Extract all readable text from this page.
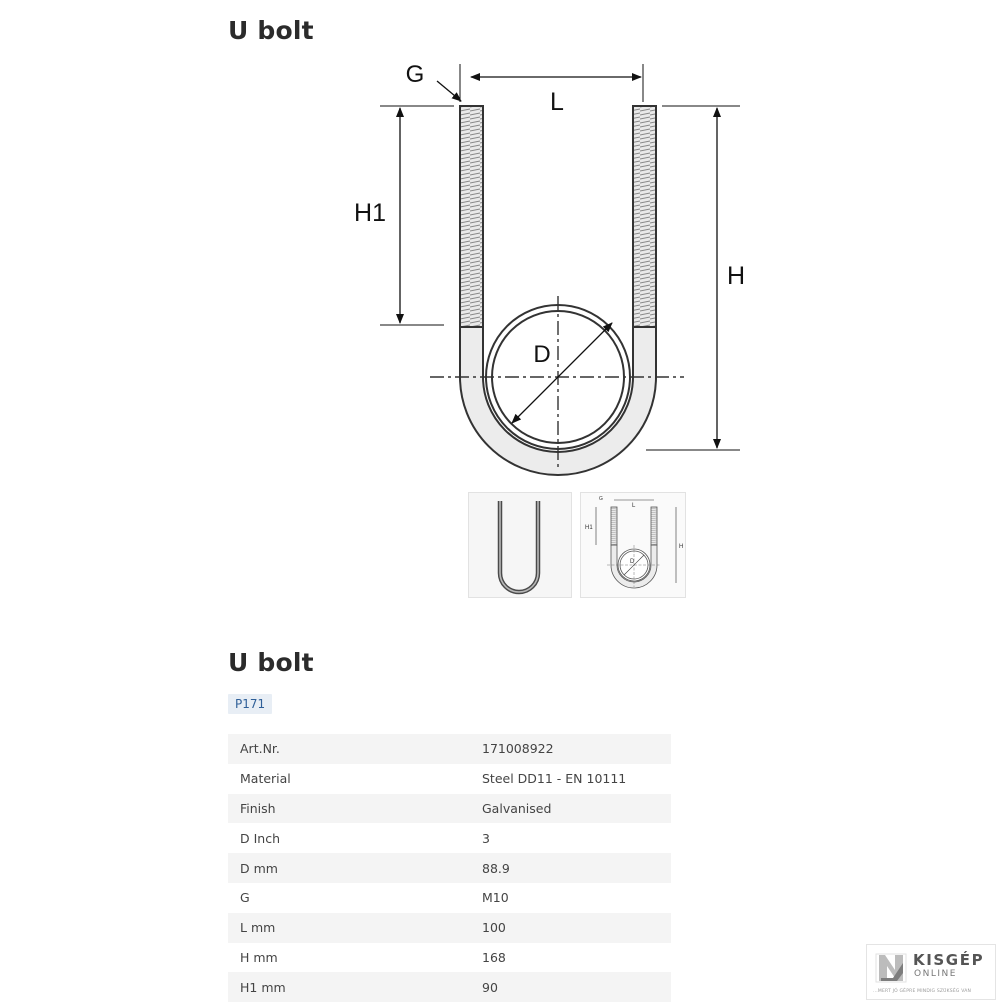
U bolt
G
L
H1
H
D
G
L
H1
H
D
U bolt
P171
Art.Nr.	171008922
Material	Steel DD11 - EN 10111
Finish	Galvanised
D Inch	3
D mm	88.9
G	M10
L mm	100
H mm	168
H1 mm	90
KISGÉP
ONLINE
...MERT JÓ GÉPRE MINDIG SZÜKSÉG VAN
